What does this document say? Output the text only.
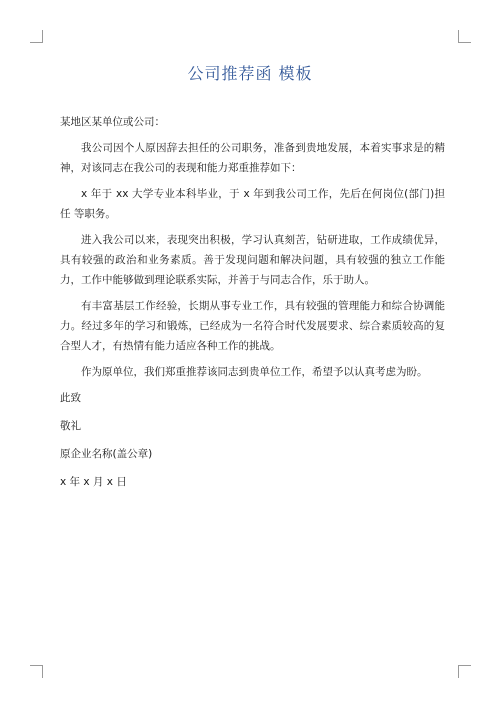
公司推荐函 模板

某地区某单位或公司：

我公司因个人原因辞去担任的公司职务，准备到贵地发展，本着实事求是的精神，对该同志在我公司的表现和能力郑重推荐如下：

x 年于 xx 大学专业本科毕业，于 x 年到我公司工作，先后在何岗位(部门)担任 等职务。

进入我公司以来，表现突出积极，学习认真刻苦，钻研进取，工作成绩优异，具有较强的政治和业务素质。善于发现问题和解决问题，具有较强的独立工作能力，工作中能够做到理论联系实际，并善于与同志合作，乐于助人。

有丰富基层工作经验，长期从事专业工作，具有较强的管理能力和综合协调能力。经过多年的学习和锻炼，已经成为一名符合时代发展要求、综合素质较高的复合型人才，有热情有能力适应各种工作的挑战。

作为原单位，我们郑重推荐该同志到贵单位工作，希望予以认真考虑为盼。

此致

敬礼

原企业名称(盖公章)

x 年 x 月 x 日
